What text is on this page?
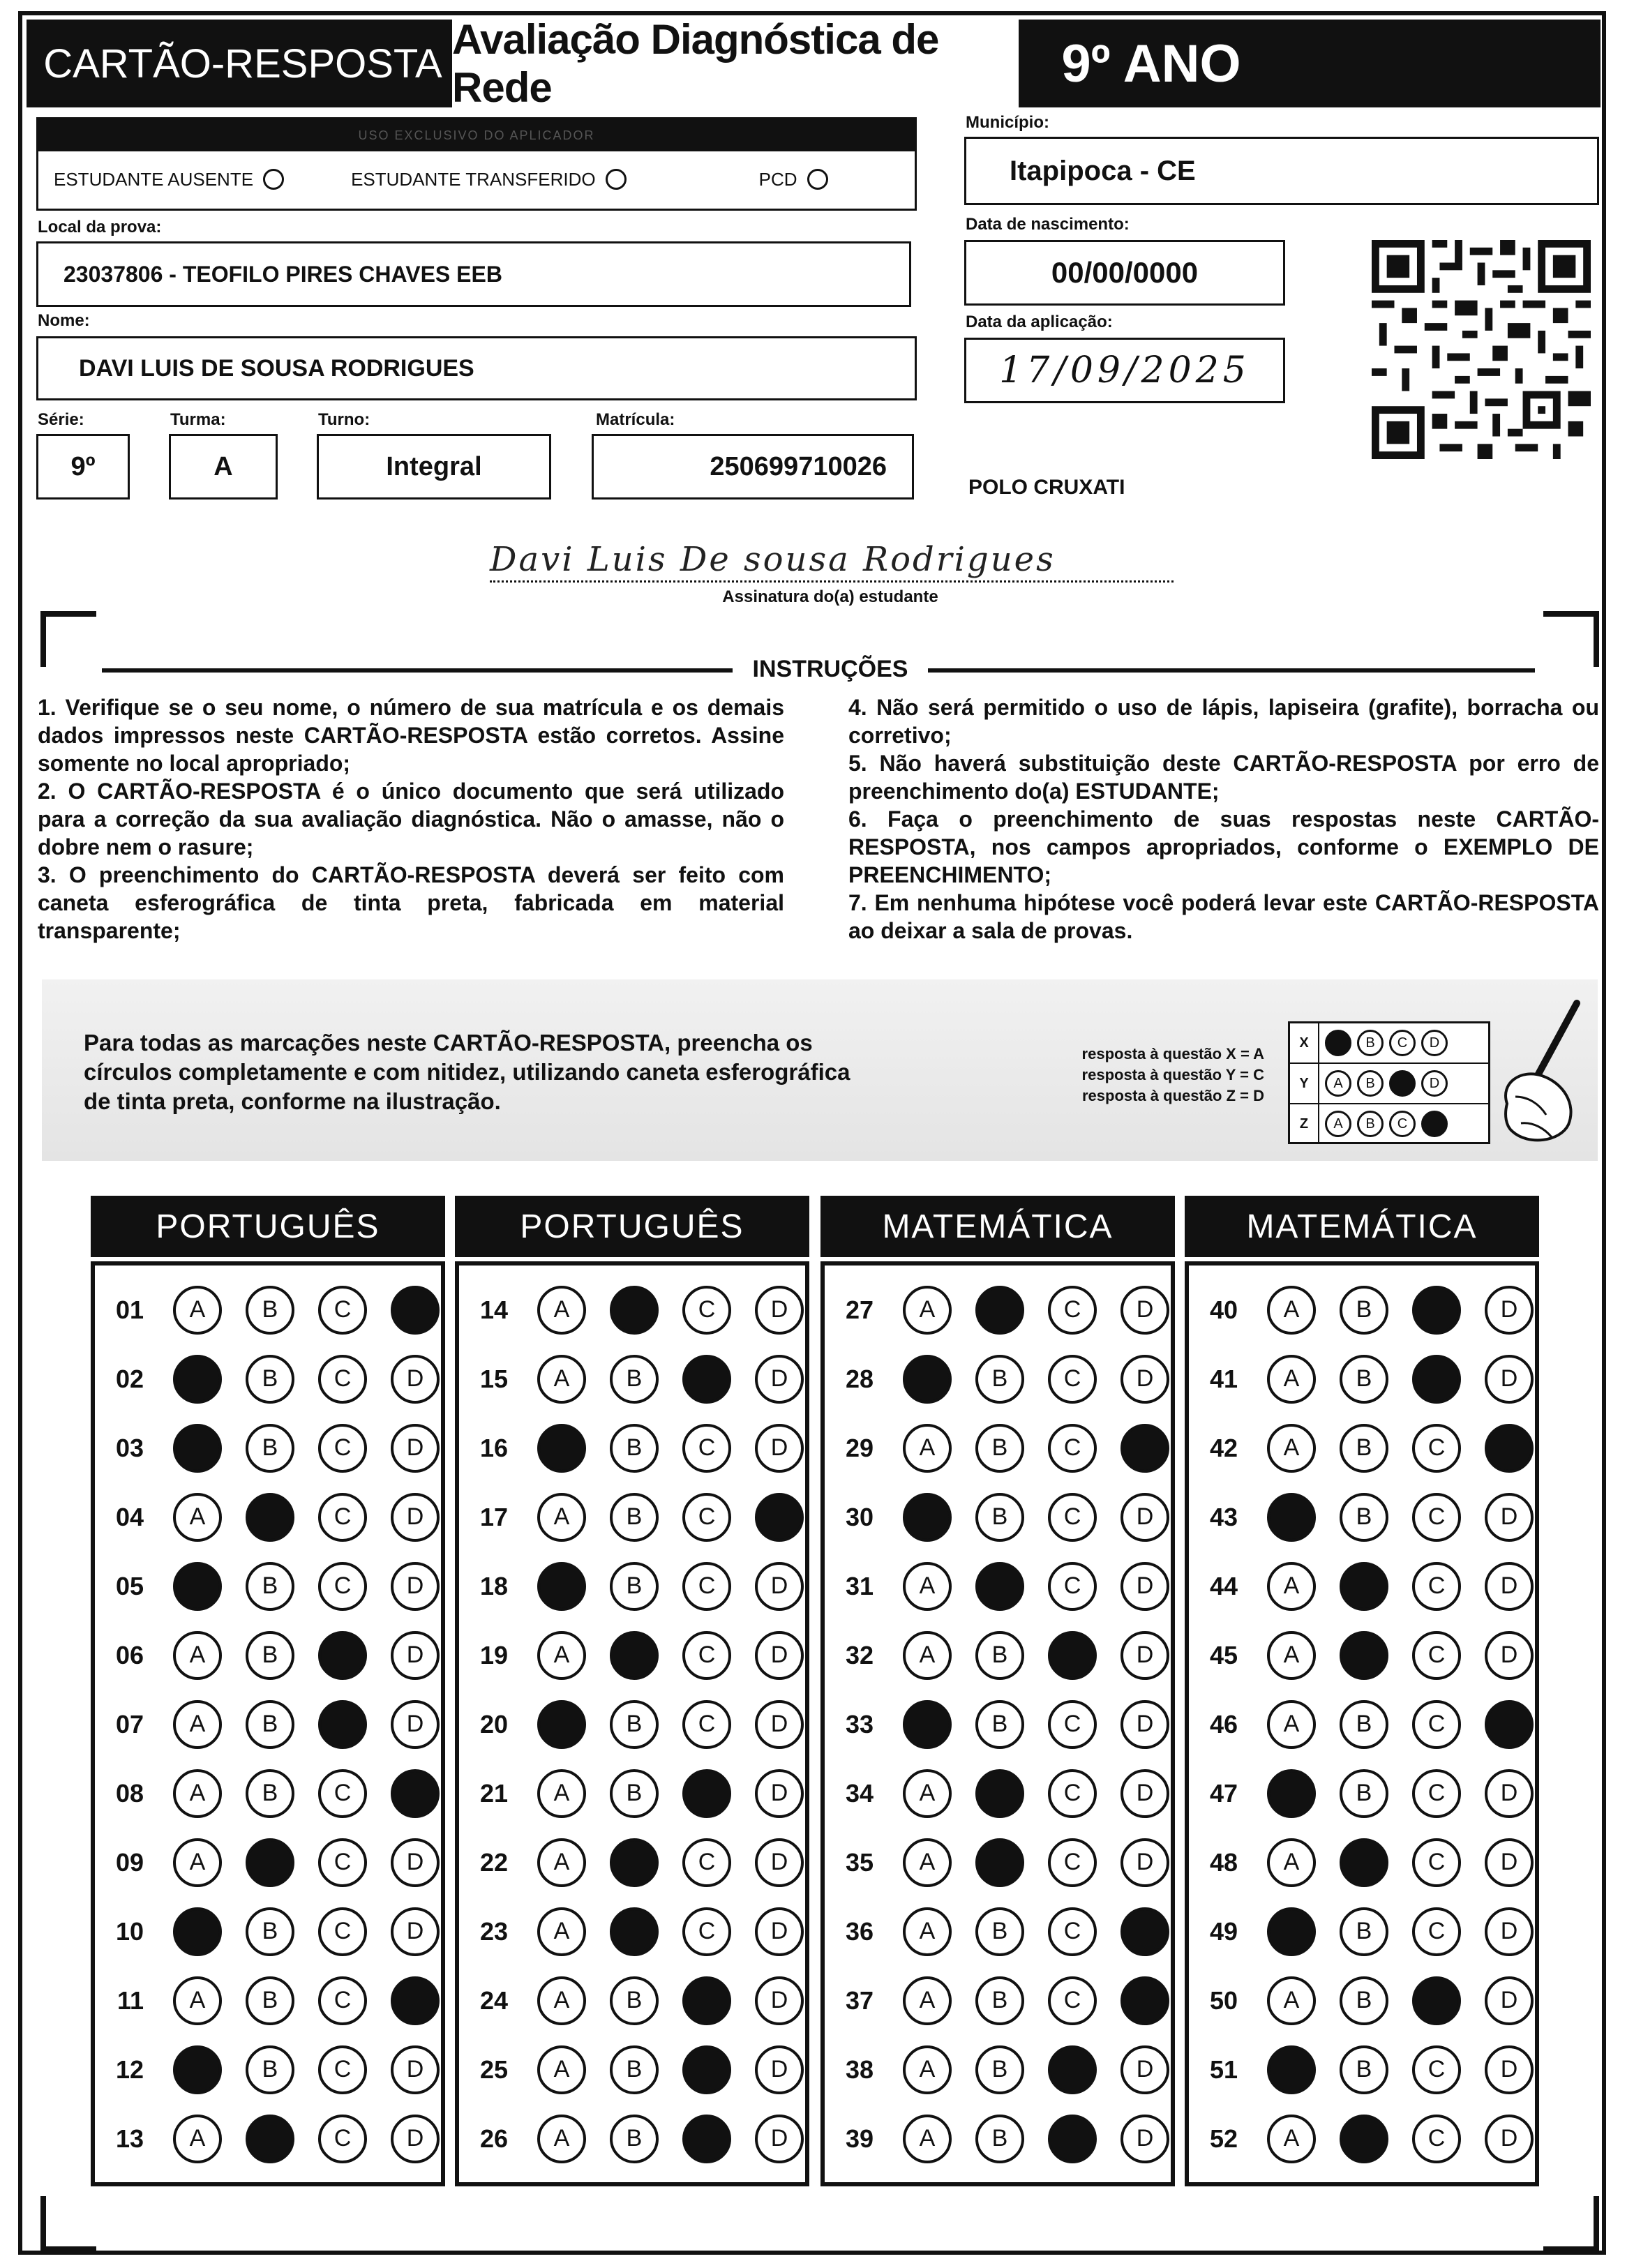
CARTÃO-RESPOSTA
Avaliação Diagnóstica de Rede	9º ANO
USO EXCLUSIVO DO APLICADOR
ESTUDANTE AUSENTE	ESTUDANTE TRANSFERIDO	PCD
Local da prova:
23037806 - TEOFILO PIRES CHAVES EEB
Nome:
DAVI LUIS DE SOUSA RODRIGUES
Série:
9º
Turma:
A
Turno:
Integral
Matrícula:
250699710026
Município:
Itapipoca - CE
Data de nascimento:
00/00/0000
Data da aplicação:
17/09/2025
POLO CRUXATI
Davi Luis De sousa Rodrigues
Assinatura do(a) estudante
INSTRUÇÕES

1. Verifique se o seu nome, o número de sua matrícula e os demais dados impressos neste CARTÃO-RESPOSTA estão corretos. Assine somente no local apropriado;

2. O CARTÃO-RESPOSTA é o único documento que será utilizado para a correção da sua avaliação diagnóstica. Não o amasse, não o dobre nem o rasure;

3. O preenchimento do CARTÃO-RESPOSTA deverá ser feito com caneta esferográfica de tinta preta, fabricada em material transparente;

4. Não será permitido o uso de lápis, lapiseira (grafite), borracha ou corretivo;

5. Não haverá substituição deste CARTÃO-RESPOSTA por erro de preenchimento do(a) ESTUDANTE;

6. Faça o preenchimento de suas respostas neste CARTÃO-RESPOSTA, nos campos apropriados, conforme o EXEMPLO DE PREENCHIMENTO;

7. Em nenhuma hipótese você poderá levar este CARTÃO-RESPOSTA ao deixar a sala de provas.

Para todas as marcações neste CARTÃO-RESPOSTA, preencha os círculos completamente e com nitidez, utilizando caneta esferográfica de tinta preta, conforme na ilustração.
resposta à questão X = A
resposta à questão Y = C
resposta à questão Z = D
X	B C D
Y	A B	D
Z	A B C
PORTUGUÊS
01 A B C
02	B C D
03	B C D
04 A	C D
05	B C D
06 A B	D
07 A B	D
08 A B C
09 A	C D
10	B C D
11 A B C
12	B C D
13 A	C D
PORTUGUÊS
14 A	C D
15 A B	D
16	B C D
17 A B C
18	B C D
19 A	C D
20	B C D
21 A B	D
22 A	C D
23 A	C D
24 A B	D
25 A B	D
26 A B	D
MATEMÁTICA
27 A	C D
28	B C D
29 A B C
30	B C D
31 A	C D
32 A B	D
33	B C D
34 A	C D
35 A	C D
36 A B C
37 A B C
38 A B	D
39 A B	D
MATEMÁTICA
40 A B	D
41 A B	D
42 A B C
43	B C D
44 A	C D
45 A	C D
46 A B C
47	B C D
48 A	C D
49	B C D
50 A B	D
51	B C D
52 A	C D
